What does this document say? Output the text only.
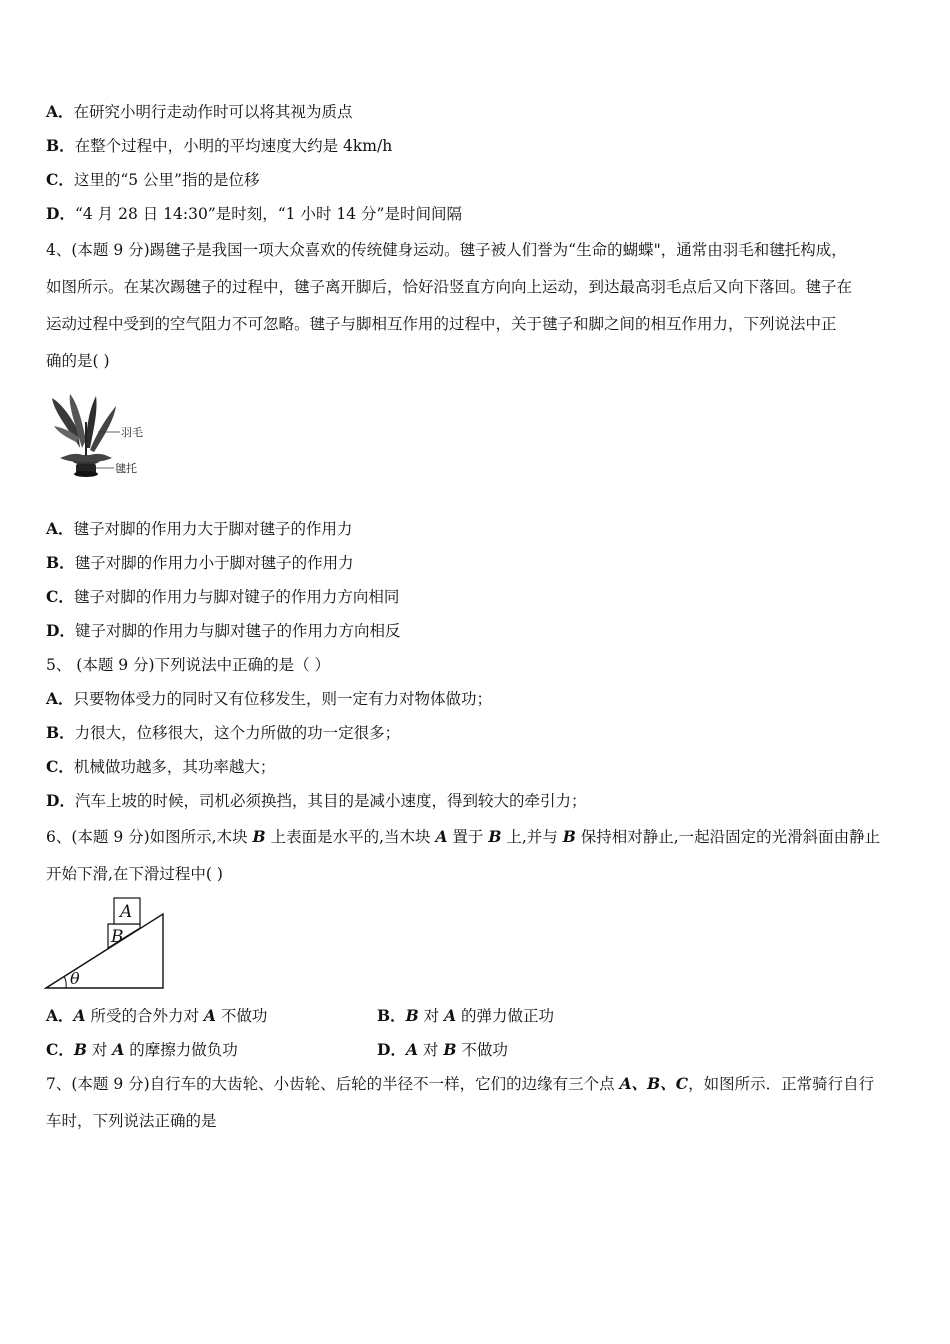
A．在研究小明行走动作时可以将其视为质点
B．在整个过程中，小明的平均速度大约是 4km/h
C．这里的“5 公里”指的是位移
D．“4 月 28 日 14:30”是时刻，“1 小时 14 分”是时间间隔
4、(本题 9 分)踢毽子是我国一项大众喜欢的传统健身运动。毽子被人们誉为“生命的蝴蝶"，通常由羽毛和毽托构成，
如图所示。在某次踢毽子的过程中，毽子离开脚后，恰好沿竖直方向向上运动，到达最高羽毛点后又向下落回。毽子在
运动过程中受到的空气阻力不可忽略。毽子与脚相互作用的过程中，关于毽子和脚之间的相互作用力，下列说法中正
确的是( )
羽毛
毽托
A．毽子对脚的作用力大于脚对毽子的作用力
B．毽子对脚的作用力小于脚对毽子的作用力
C．毽子对脚的作用力与脚对键子的作用力方向相同
D．键子对脚的作用力与脚对毽子的作用力方向相反
5、 (本题 9 分)下列说法中正确的是（ ）
A．只要物体受力的同时又有位移发生，则一定有力对物体做功；
B．力很大，位移很大，这个力所做的功一定很多；
C．机械做功越多，其功率越大；
D．汽车上坡的时候，司机必须换挡，其目的是减小速度，得到较大的牵引力；
6、(本题 9 分)如图所示,木块 B 上表面是水平的,当木块 A 置于 B 上,并与 B 保持相对静止,一起沿固定的光滑斜面由静止
开始下滑,在下滑过程中( )
A
B
θ
A．A 所受的合外力对 A 不做功	B．B 对 A 的弹力做正功
C．B 对 A 的摩擦力做负功	D．A 对 B 不做功
7、(本题 9 分)自行车的大齿轮、小齿轮、后轮的半径不一样，它们的边缘有三个点 A、B、C，如图所示．正常骑行自行
车时，下列说法正确的是
